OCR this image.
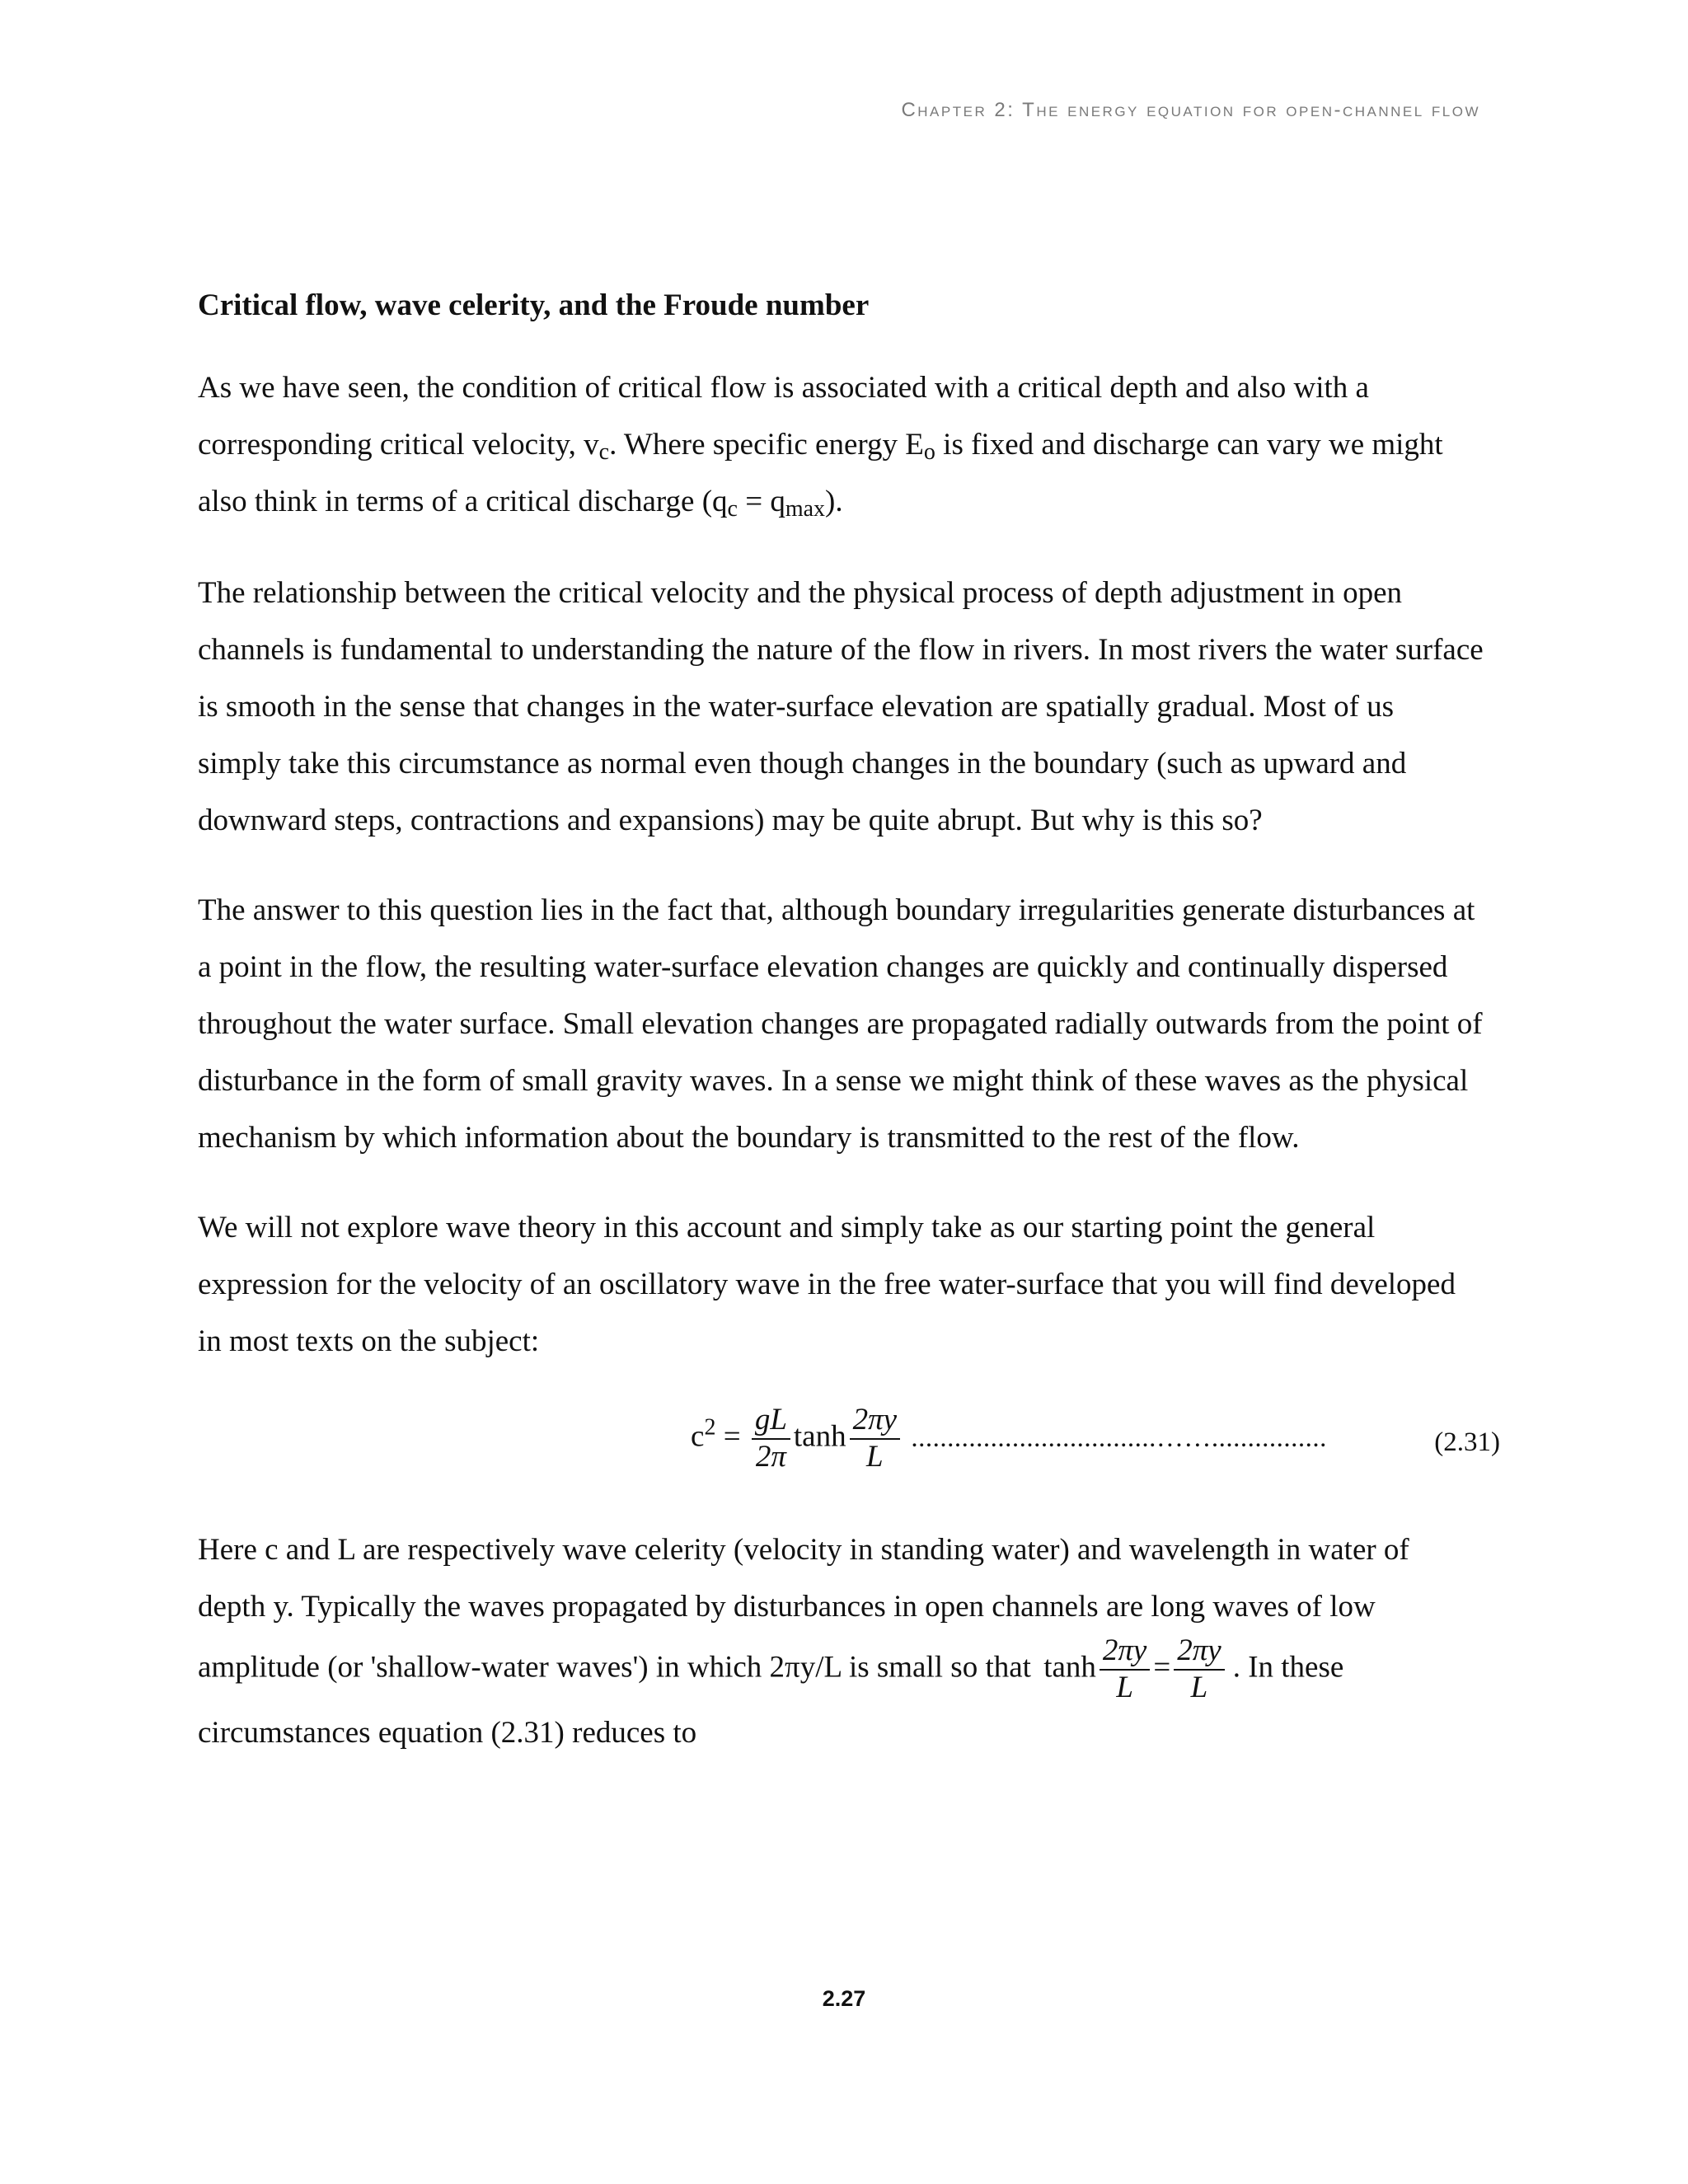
Chapter 2: The energy equation for open-channel flow
Critical flow, wave celerity, and the Froude number

As we have seen, the condition of critical flow is associated with a critical depth and also with a corresponding critical velocity, $v_c$. Where specific energy $E_o$ is fixed and discharge can vary we might also think in terms of a critical discharge $(q_c = q_{max})$.

The relationship between the critical velocity and the physical process of depth adjustment in open channels is fundamental to understanding the nature of the flow in rivers. In most rivers the water surface is smooth in the sense that changes in the water-surface elevation are spatially gradual. Most of us simply take this circumstance as normal even though changes in the boundary (such as upward and downward steps, contractions and expansions) may be quite abrupt. But why is this so?

The answer to this question lies in the fact that, although boundary irregularities generate disturbances at a point in the flow, the resulting water-surface elevation changes are quickly and continually dispersed throughout the water surface. Small elevation changes are propagated radially outwards from the point of disturbance in the form of small gravity waves. In a sense we might think of these waves as the physical mechanism by which information about the boundary is transmitted to the rest of the flow.

We will not explore wave theory in this account and simply take as our starting point the general expression for the velocity of an oscillatory wave in the free water-surface that you will find developed in most texts on the subject:

$c^2 = \frac{gL}{2\pi}$ $\tanh \frac{2\pi y}{L}$ ..................................……................	(2.31)

Here c and L are respectively wave celerity (velocity in standing water) and wavelength in water of depth y. Typically the waves propagated by disturbances in open channels are long waves of low amplitude (or 'shallow-water waves') in which 2πy/L is small so that $\tanh \frac{2\pi y}{L} = \frac{2\pi y}{L}$ . In these circumstances equation (2.31) reduces to

2.27
